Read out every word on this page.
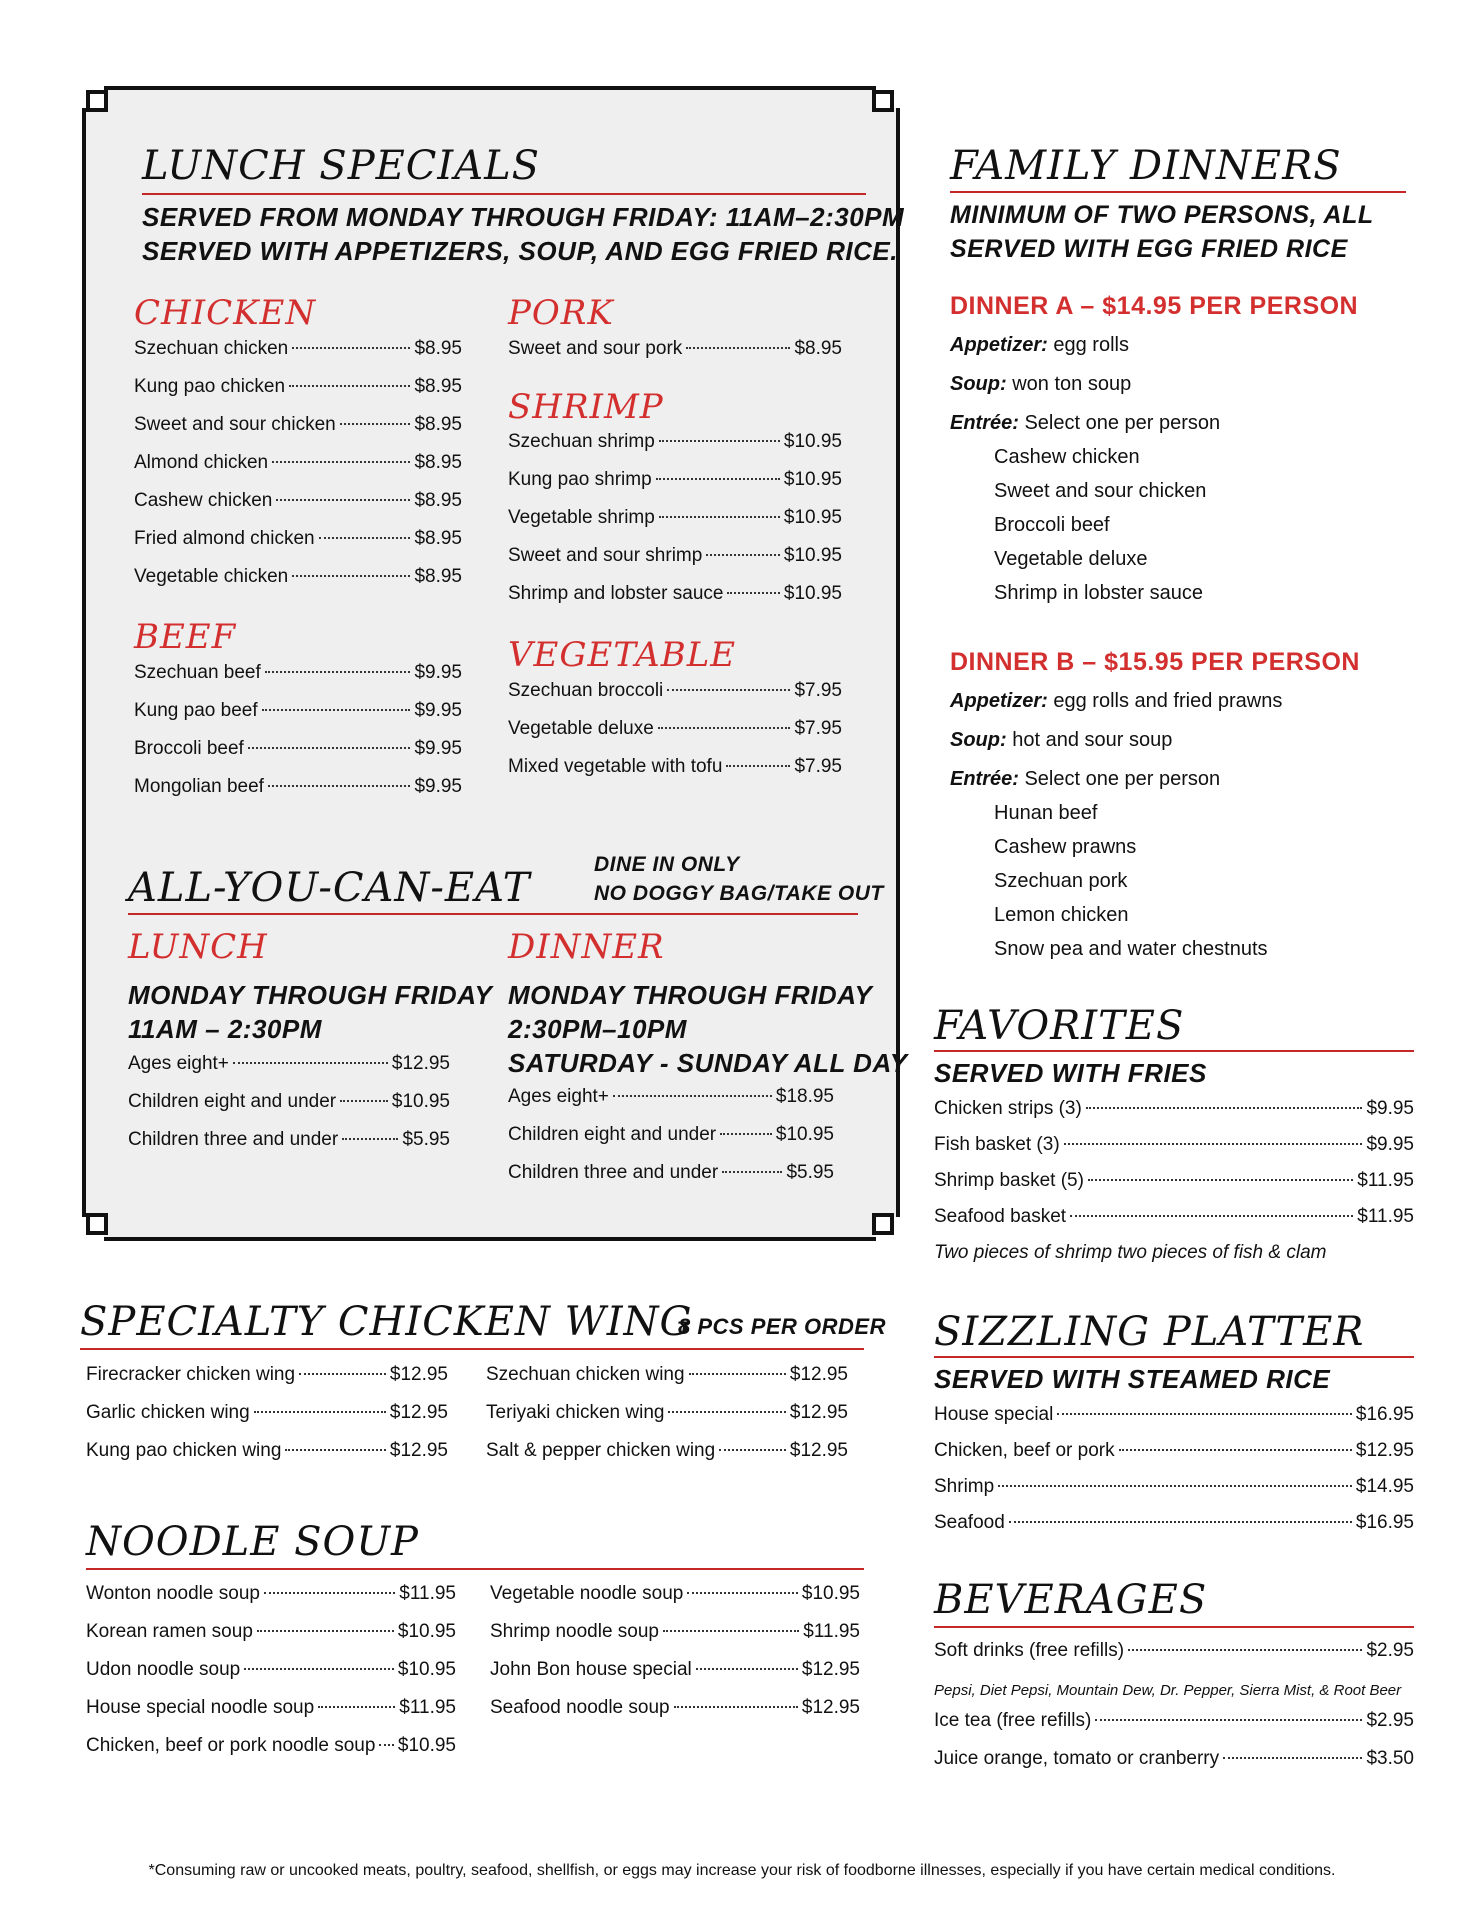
LUNCH SPECIALS
SERVED FROM MONDAY THROUGH FRIDAY: 11AM–2:30PM
SERVED WITH APPETIZERS, SOUP, AND EGG FRIED RICE.
CHICKEN
Szechuan chicken	$8.95
Kung pao chicken	$8.95
Sweet and sour chicken	$8.95
Almond chicken	$8.95
Cashew chicken	$8.95
Fried almond chicken	$8.95
Vegetable chicken	$8.95
BEEF
Szechuan beef	$9.95
Kung pao beef	$9.95
Broccoli beef	$9.95
Mongolian beef	$9.95
PORK
Sweet and sour pork	$8.95
SHRIMP
Szechuan shrimp	$10.95
Kung pao shrimp	$10.95
Vegetable shrimp	$10.95
Sweet and sour shrimp	$10.95
Shrimp and lobster sauce	$10.95
VEGETABLE
Szechuan broccoli	$7.95
Vegetable deluxe	$7.95
Mixed vegetable with tofu	$7.95
ALL-YOU-CAN-EAT
DINE IN ONLY
NO DOGGY BAG/TAKE OUT
LUNCH
MONDAY THROUGH FRIDAY
11AM – 2:30PM
Ages eight+	$12.95
Children eight and under	$10.95
Children three and under	$5.95
DINNER
MONDAY THROUGH FRIDAY
2:30PM–10PM
SATURDAY - SUNDAY ALL DAY
Ages eight+	$18.95
Children eight and under	$10.95
Children three and under	$5.95
SPECIALTY CHICKEN WING
8 PCS PER ORDER
Firecracker chicken wing	$12.95
Garlic chicken wing	$12.95
Kung pao chicken wing	$12.95
Szechuan chicken wing	$12.95
Teriyaki chicken wing	$12.95
Salt & pepper chicken wing	$12.95
NOODLE SOUP
Wonton noodle soup	$11.95
Korean ramen soup	$10.95
Udon noodle soup	$10.95
House special noodle soup	$11.95
Chicken, beef or pork noodle soup $10.95
Vegetable noodle soup	$10.95
Shrimp noodle soup	$11.95
John Bon house special	$12.95
Seafood noodle soup	$12.95
FAMILY DINNERS
MINIMUM OF TWO PERSONS, ALL
SERVED WITH EGG FRIED RICE
DINNER A – $14.95 PER PERSON
Appetizer: egg rolls
Soup: won ton soup
Entrée: Select one per person
Cashew chicken
Sweet and sour chicken
Broccoli beef
Vegetable deluxe
Shrimp in lobster sauce
DINNER B – $15.95 PER PERSON
Appetizer: egg rolls and fried prawns
Soup: hot and sour soup
Entrée: Select one per person
Hunan beef
Cashew prawns
Szechuan pork
Lemon chicken
Snow pea and water chestnuts
FAVORITES
SERVED WITH FRIES
Chicken strips (3)	$9.95
Fish basket (3)	$9.95
Shrimp basket (5)	$11.95
Seafood basket	$11.95
Two pieces of shrimp two pieces of fish & clam
SIZZLING PLATTER
SERVED WITH STEAMED RICE
House special	$16.95
Chicken, beef or pork	$12.95
Shrimp	$14.95
Seafood	$16.95
BEVERAGES
Soft drinks (free refills)	$2.95
Pepsi, Diet Pepsi, Mountain Dew, Dr. Pepper, Sierra Mist, & Root Beer
Ice tea (free refills)	$2.95
Juice orange, tomato or cranberry	$3.50
*Consuming raw or uncooked meats, poultry, seafood, shellfish, or eggs may increase your risk of foodborne illnesses, especially if you have certain medical conditions.
